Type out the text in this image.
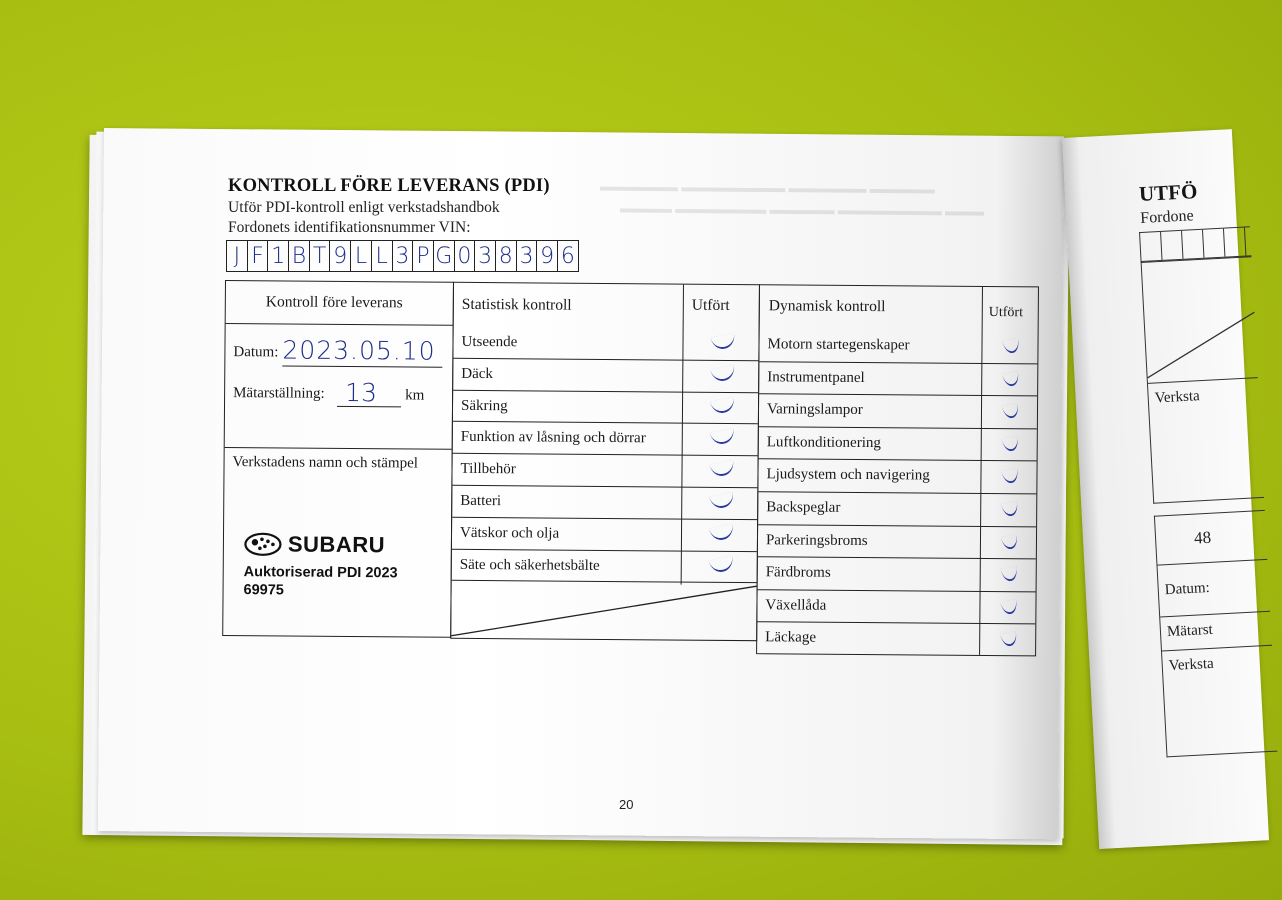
UTFÖ
Fordone
Verksta
48
Datum:
Mätarst
Verksta
▬▬▬▬▬▬ ▬▬▬▬▬▬▬▬ ▬▬▬▬▬▬ ▬▬▬▬▬
▬▬▬▬ ▬▬▬▬▬▬▬ ▬▬▬▬▬ ▬▬▬▬▬▬▬▬ ▬▬▬
KONTROLL FÖRE LEVERANS (PDI)
Utför PDI-kontroll enligt verkstadshandbok
Fordonets identifikationsnummer VIN:
J F 1 B T 9 L L 3 P G 0 3 8 3 9 6
Kontroll före leverans
Datum: 2023.05.10
Mätarställning: 13 km
Verkstadens namn och stämpel
SUBARU
Auktoriserad PDI 2023
69975
Statistisk kontroll	Utfört
Utseende
Däck
Säkring
Funktion av låsning och dörrar
Tillbehör
Batteri
Vätskor och olja
Säte och säkerhetsbälte
Dynamisk kontroll	Utfört
Motorn startegenskaper
Instrumentpanel
Varningslampor
Luftkonditionering
Ljudsystem och navigering
Backspeglar
Parkeringsbroms
Färdbroms
Växellåda
Läckage
20
